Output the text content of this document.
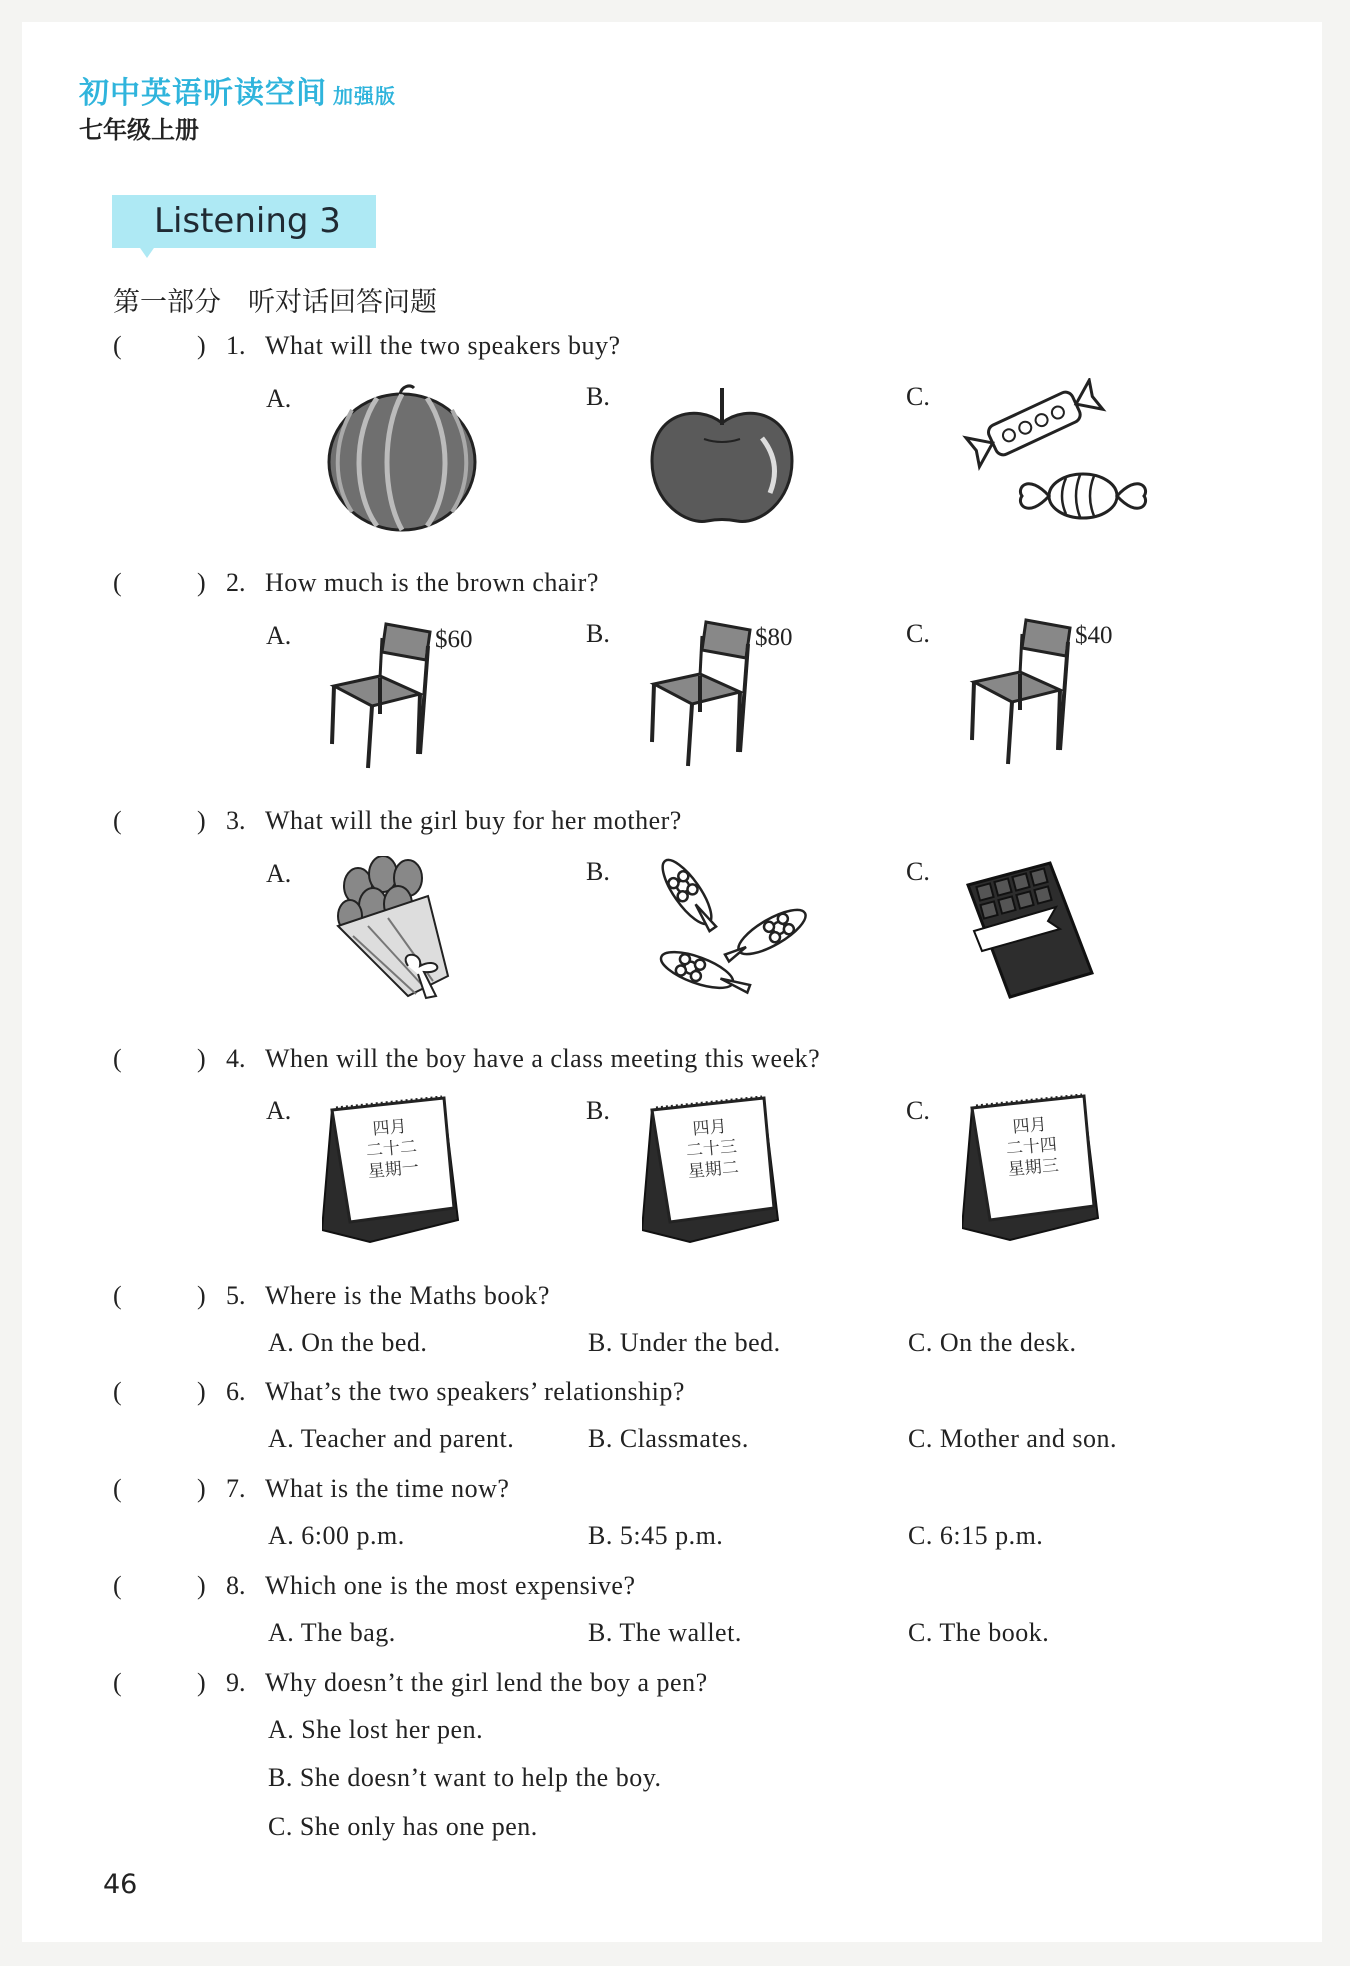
初中英语听读空间 加强版
七年级上册
Listening 3
第一部分　听对话回答问题
(	) 1. What will the two speakers buy?
A.	B.	C.
(	) 2. How much is the brown chair?
A.	B.	C.
$60	$80	$40
(	) 3. What will the girl buy for her mother?
A.	B.	C.
(	) 4. When will the boy have a class meeting this week?
A.	B.	C.
四月
二十二
星期一
四月
二十三
星期二
四月
二十四
星期三
(	) 5. Where is the Maths book?
A. On the bed.	B. Under the bed.	C. On the desk.
(	) 6. What’s the two speakers’ relationship?
A. Teacher and parent.	B. Classmates.	C. Mother and son.
(	) 7. What is the time now?
A. 6:00 p.m.	B. 5:45 p.m.	C. 6:15 p.m.
(	) 8. Which one is the most expensive?
A. The bag.	B. The wallet.	C. The book.
(	) 9. Why doesn’t the girl lend the boy a pen?
A. She lost her pen.
B. She doesn’t want to help the boy.
C. She only has one pen.
46
